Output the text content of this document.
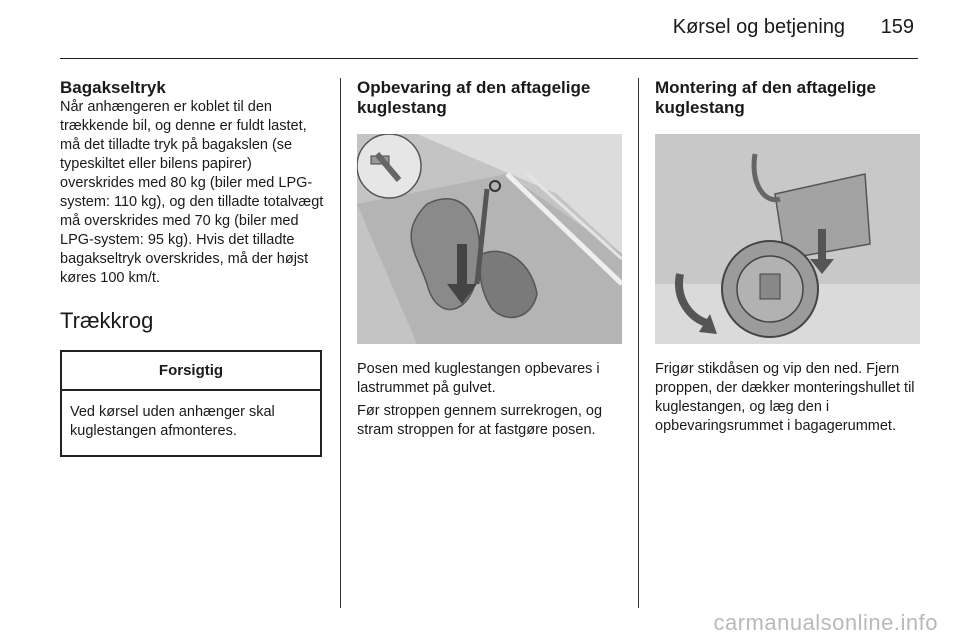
Kørsel og betjening 159
Bagakseltryk

Når anhængeren er koblet til den trækkende bil, og denne er fuldt lastet, må det tilladte tryk på bagakslen (se typeskiltet eller bilens papirer) overskrides med 80 kg (biler med LPG-system: 110 kg), og den tilladte totalvægt må overskrides med 70 kg (biler med LPG-system: 95 kg). Hvis det tilladte bagakseltryk overskrides, må der højst køres 100 km/t.

Trækkrog
Forsigtig
Ved kørsel uden anhænger skal kuglestangen afmonteres.
Opbevaring af den aftagelige kuglestang

Posen med kuglestangen opbevares i lastrummet på gulvet.

Før stroppen gennem surrekrogen, og stram stroppen for at fastgøre posen.

Montering af den aftagelige kuglestang

Frigør stikdåsen og vip den ned. Fjern proppen, der dækker monteringshullet til kuglestangen, og læg den i opbevaringsrummet i bagagerummet.

carmanualsonline.info
